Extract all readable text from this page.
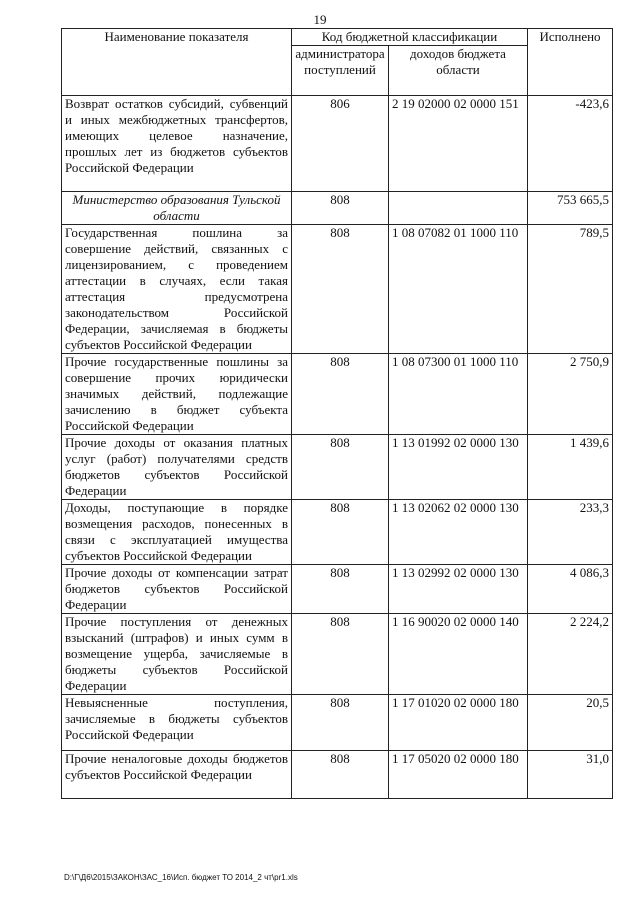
19
Наименование показателя	Код бюджетной классификации		Исполнено
	администратора поступлений	доходов бюджета области	
Возврат остатков субсидий, субвенций и иных межбюджетных трансфертов, имеющих целевое назначение, прошлых лет из бюджетов субъектов Российской Федерации	806	2 19 02000 02 0000 151	-423,6
Министерство образования Тульской области	808		753 665,5
Государственная пошлина за совершение действий, связанных с лицензированием, с проведением аттестации в случаях, если такая аттестация предусмотрена законодательством Российской Федерации, зачисляемая в бюджеты субъектов Российской Федерации	808	1 08 07082 01 1000 110	789,5
Прочие государственные пошлины за совершение прочих юридически значимых действий, подлежащие зачислению в бюджет субъекта Российской Федерации	808	1 08 07300 01 1000 110	2 750,9
Прочие доходы от оказания платных услуг (работ) получателями средств бюджетов субъектов Российской Федерации	808	1 13 01992 02 0000 130	1 439,6
Доходы, поступающие в порядке возмещения расходов, понесенных в связи с эксплуатацией имущества субъектов Российской Федерации	808	1 13 02062 02 0000 130	233,3
Прочие доходы от компенсации затрат бюджетов субъектов Российской Федерации	808	1 13 02992 02 0000 130	4 086,3
Прочие поступления от денежных взысканий (штрафов) и иных сумм в возмещение ущерба, зачисляемые в бюджеты субъектов Российской Федерации	808	1 16 90020 02 0000 140	2 224,2
Невыясненные поступления, зачисляемые в бюджеты субъектов Российской Федерации	808	1 17 01020 02 0000 180	20,5
Прочие неналоговые доходы бюджетов субъектов Российской Федерации	808	1 17 05020 02 0000 180	31,0
D:\Г\Д6\2015\ЗАКОН\ЗАС_16\Исп. бюджет ТО 2014_2 чт\pr1.xls
